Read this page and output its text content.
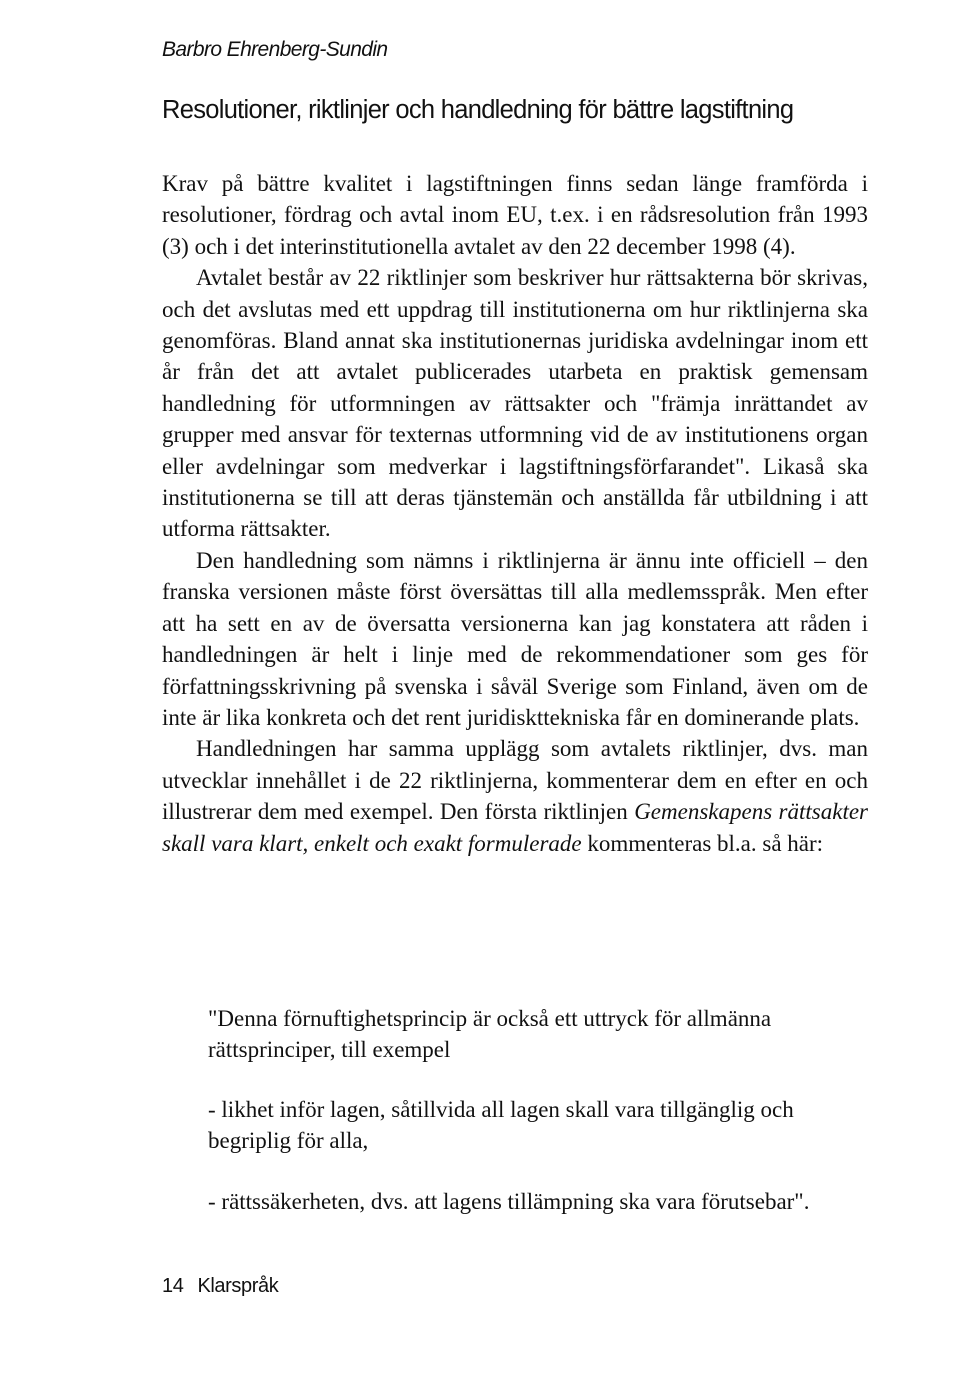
Barbro Ehrenberg-Sundin
Resolutioner, riktlinjer och handledning för bättre lagstiftning

Krav på bättre kvalitet i lagstiftningen finns sedan länge framförda i resolutioner, fördrag och avtal inom EU, t.ex. i en rådsresolution från 1993 (3) och i det interinstitutionella avtalet av den 22 december 1998 (4).

Avtalet består av 22 riktlinjer som beskriver hur rättsakterna bör skrivas, och det avslutas med ett uppdrag till institutionerna om hur riktlinjerna ska genomföras. Bland annat ska institutionernas juridiska avdelningar inom ett år från det att avtalet publicerades utarbeta en praktisk gemensam handledning för utformningen av rättsakter och "främja inrättandet av grupper med ansvar för texternas utformning vid de av institutionens organ eller avdelningar som medverkar i lagstiftningsförfarandet". Likaså ska institutionerna se till att deras tjänstemän och anställda får utbildning i att utforma rättsakter.

Den handledning som nämns i riktlinjerna är ännu inte officiell – den franska versionen måste först översättas till alla medlemsspråk. Men efter att ha sett en av de översatta versionerna kan jag konstatera att råden i handledningen är helt i linje med de rekommendationer som ges för författningsskrivning på svenska i såväl Sverige som Finland, även om de inte är lika konkreta och det rent juridiskttekniska får en dominerande plats.

Handledningen har samma upplägg som avtalets riktlinjer, dvs. man utvecklar innehållet i de 22 riktlinjerna, kommenterar dem en efter en och illustrerar dem med exempel. Den första riktlinjen Gemenskapens rättsakter skall vara klart, enkelt och exakt formulerade kommenteras bl.a. så här:

"Denna förnuftighetsprincip är också ett uttryck för allmänna rättsprinciper, till exempel
- likhet inför lagen, såtillvida all lagen skall vara tillgänglig och begriplig för alla,
- rättssäkerheten, dvs. att lagens tillämpning ska vara förutsebar".
14 Klarspråk
